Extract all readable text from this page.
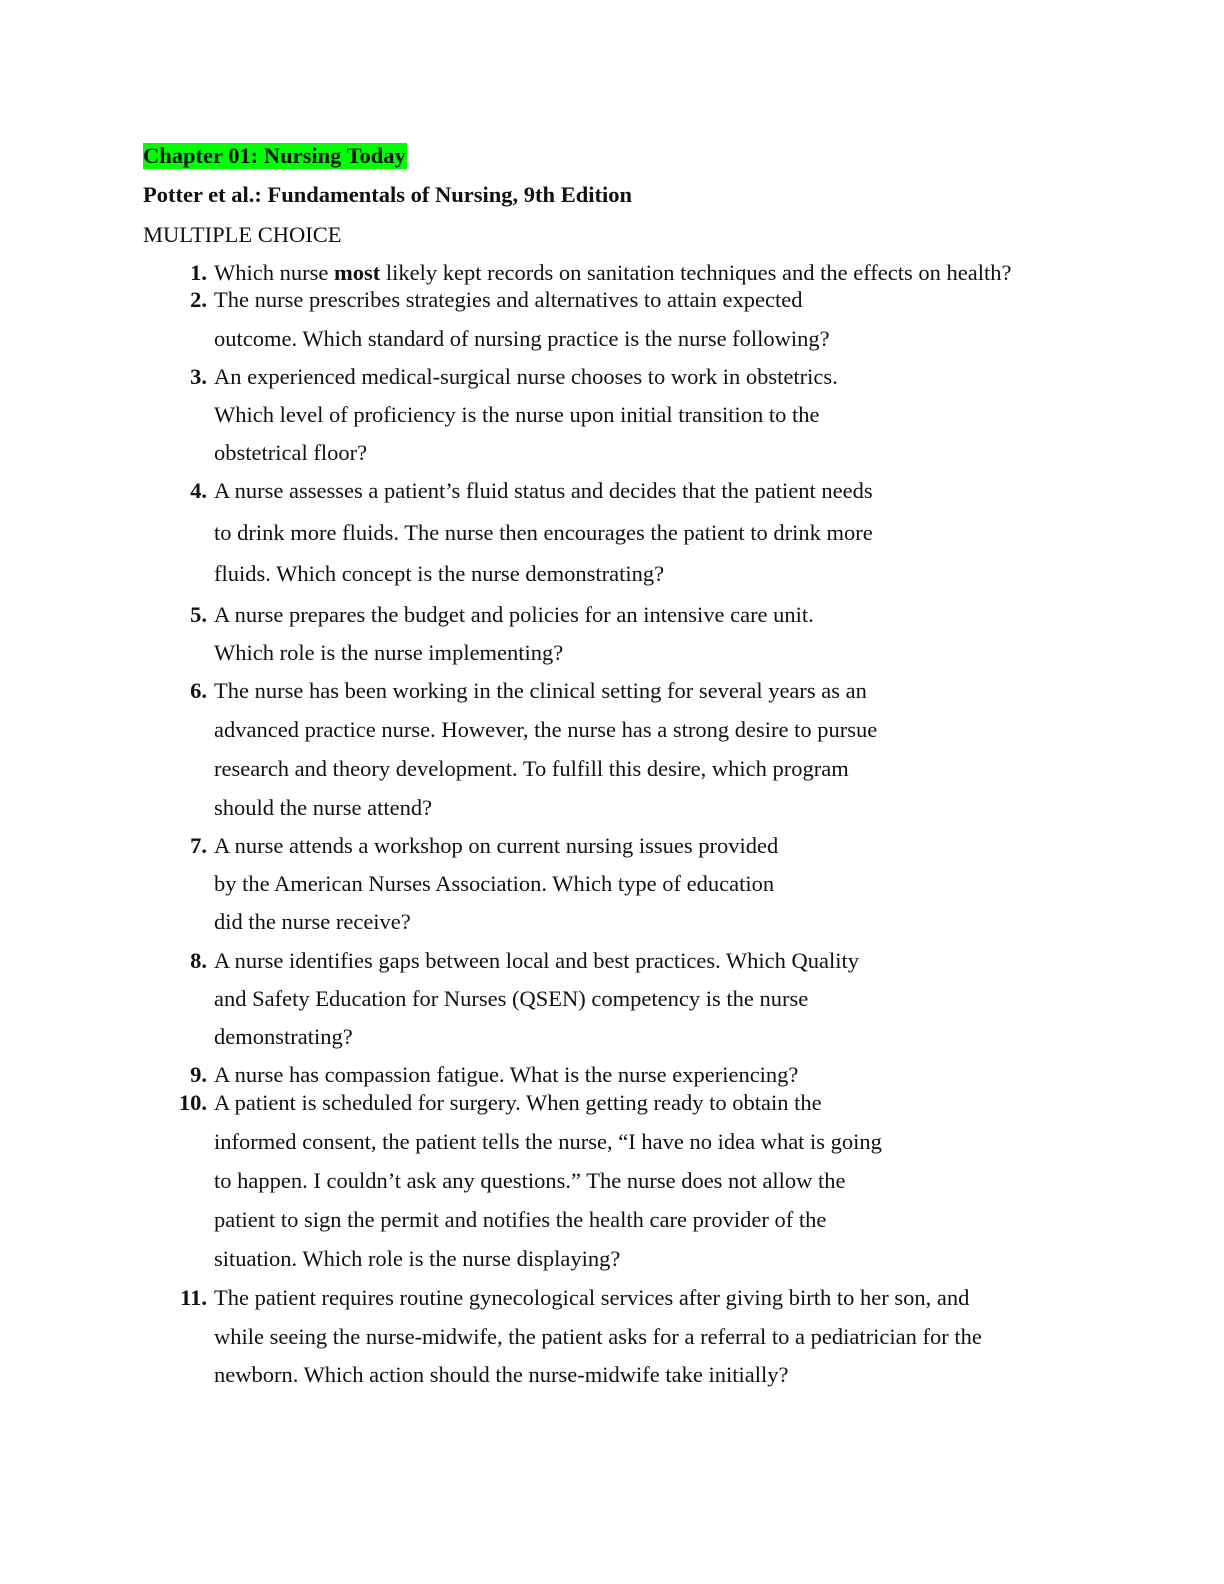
Chapter 01: Nursing Today
Potter et al.: Fundamentals of Nursing, 9th Edition
MULTIPLE CHOICE
1. Which nurse most likely kept records on sanitation techniques and the effects on health?
2. The nurse prescribes strategies and alternatives to attain expected
outcome. Which standard of nursing practice is the nurse following?
3. An experienced medical-surgical nurse chooses to work in obstetrics.
Which level of proficiency is the nurse upon initial transition to the
obstetrical floor?
4. A nurse assesses a patient’s fluid status and decides that the patient needs
to drink more fluids. The nurse then encourages the patient to drink more
fluids. Which concept is the nurse demonstrating?
5. A nurse prepares the budget and policies for an intensive care unit.
Which role is the nurse implementing?
6. The nurse has been working in the clinical setting for several years as an
advanced practice nurse. However, the nurse has a strong desire to pursue
research and theory development. To fulfill this desire, which program
should the nurse attend?
7. A nurse attends a workshop on current nursing issues provided
by the American Nurses Association. Which type of education
did the nurse receive?
8. A nurse identifies gaps between local and best practices. Which Quality
and Safety Education for Nurses (QSEN) competency is the nurse
demonstrating?
9. A nurse has compassion fatigue. What is the nurse experiencing?
10. A patient is scheduled for surgery. When getting ready to obtain the
informed consent, the patient tells the nurse, “I have no idea what is going
to happen. I couldn’t ask any questions.” The nurse does not allow the
patient to sign the permit and notifies the health care provider of the
situation. Which role is the nurse displaying?
11. The patient requires routine gynecological services after giving birth to her son, and
while seeing the nurse-midwife, the patient asks for a referral to a pediatrician for the
newborn. Which action should the nurse-midwife take initially?
